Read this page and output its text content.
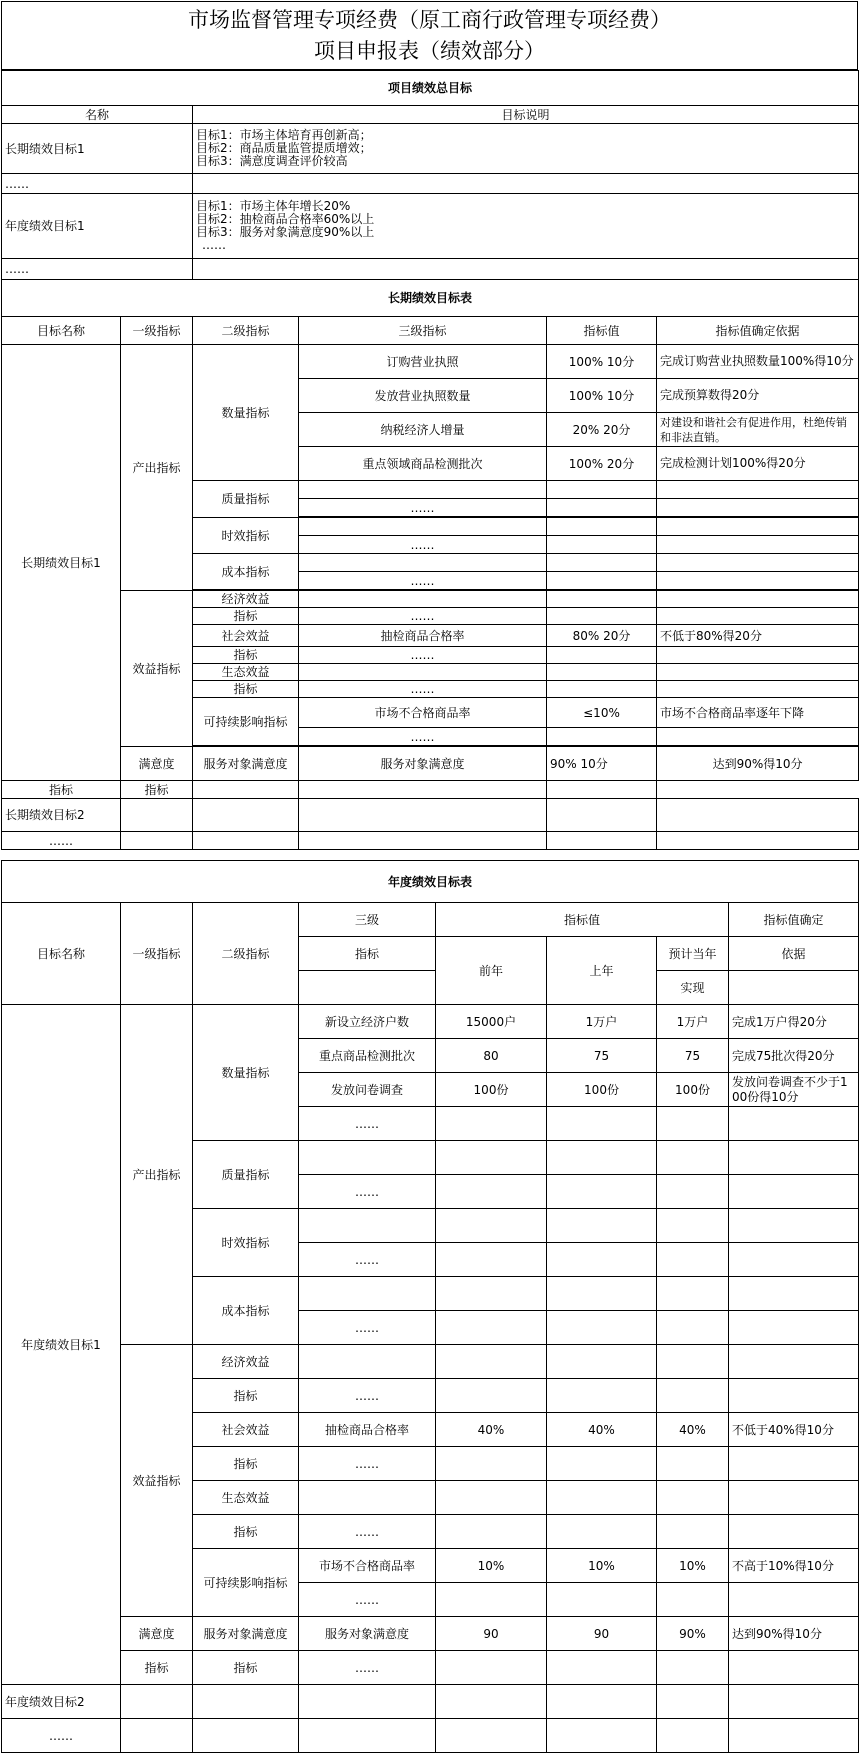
市场监督管理专项经费（原工商行政管理专项经费）
项目申报表（绩效部分）
项目绩效总目标	
名称	目标说明
长期绩效目标1	目标1：市场主体培育再创新高；
目标2：商品质量监管提质增效；
目标3：满意度调查评价较高

……	
年度绩效目标1	目标1：市场主体年增长20%
目标2：抽检商品合格率60%以上
目标3：服务对象满意度90%以上
……

……	
长期绩效目标表					
目标名称	一级指标	二级指标	三级指标	指标值	指标值确定依据
长期绩效目标1	产出指标	数量指标	订购营业执照	100% 10分	完成订购营业执照数量100%得10分
			发放营业执照数量	100% 10分	完成预算数得20分
			纳税经济人增量	20% 20分	对建设和谐社会有促进作用，杜绝传销和非法直销。
			重点领域商品检测批次	100% 20分	完成检测计划100%得20分
		质量指标			
			……		

		时效指标			
			……		
		成本指标			
			……		

	效益指标	经济效益			
		指标	……		
		社会效益	抽检商品合格率	80% 20分	不低于80%得20分
		指标	……		
		生态效益			
		指标	……		
		可持续影响指标	市场不合格商品率	≤10%	市场不合格商品率逐年下降
			……		

	满意度	服务对象满意度	服务对象满意度	90% 10分	达到90%得10分
指标	指标				
长期绩效目标2					
……					
年度绩效目标表							
目标名称	一级指标	二级指标	三级	指标值			指标值确定
			指标	前年	上年	预计当年	依据
						实现	
年度绩效目标1	产出指标	数量指标	新设立经济户数	15000户	1万户	1万户	完成1万户得20分
			重点商品检测批次	80	75	75	完成75批次得20分
			发放问卷调查	100份	100份	100份	发放问卷调查不少于100份得10分
			……				
		质量指标					
			……				
		时效指标					
			……				
		成本指标					
			……				
	效益指标	经济效益					
		指标	……				
		社会效益	抽检商品合格率	40%	40%	40%	不低于40%得10分
		指标	……				
		生态效益					
		指标	……				
		可持续影响指标	市场不合格商品率	10%	10%	10%	不高于10%得10分
			……				
	满意度	服务对象满意度	服务对象满意度	90	90	90%	达到90%得10分
	指标	指标	……				
年度绩效目标2							
……							
